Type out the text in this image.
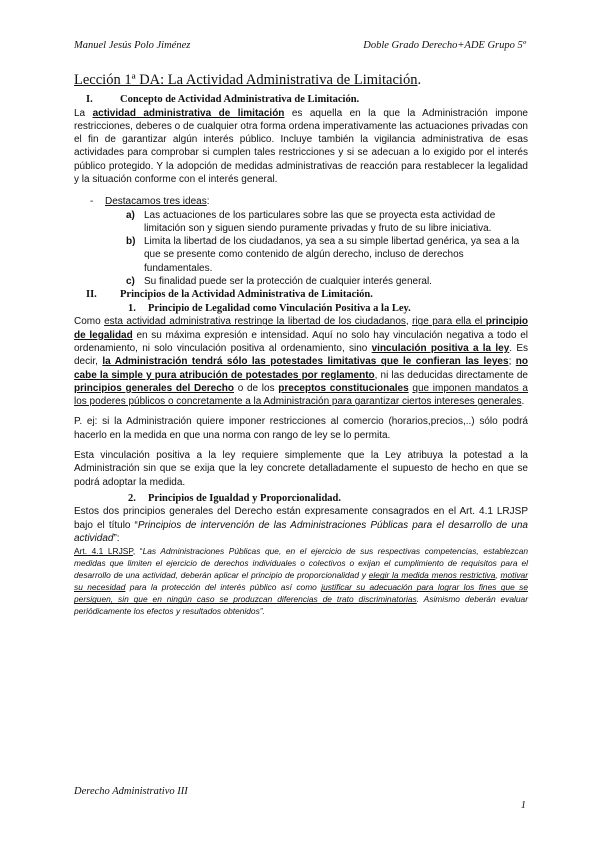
Manuel Jesús Polo Jiménez	Doble Grado Derecho+ADE Grupo 5º
Lección 1ª DA: La Actividad Administrativa de Limitación.
I.	Concepto de Actividad Administrativa de Limitación.

La actividad administrativa de limitación es aquella en la que la Administración impone restricciones, deberes o de cualquier otra forma ordena imperativamente las actuaciones privadas con el fin de garantizar algún interés público. Incluye también la vigilancia administrativa de esas actividades para comprobar si cumplen tales restricciones y si se adecuan a lo exigido por el interés público protegido. Y la adopción de medidas administrativas de reacción para restablecer la legalidad y la situación conforme con el interés general.

-	Destacamos tres ideas:
a) Las actuaciones de los particulares sobre las que se proyecta esta actividad de limitación son y siguen siendo puramente privadas y fruto de su libre iniciativa.
b) Limita la libertad de los ciudadanos, ya sea a su simple libertad genérica, ya sea a la que se presente como contenido de algún derecho, incluso de derechos fundamentales.
c) Su finalidad puede ser la protección de cualquier interés general.
II.	Principios de la Actividad Administrativa de Limitación.
1. Principio de Legalidad como Vinculación Positiva a la Ley.

Como esta actividad administrativa restringe la libertad de los ciudadanos, rige para ella el principio de legalidad en su máxima expresión e intensidad. Aquí no solo hay vinculación negativa a todo el ordenamiento, ni solo vinculación positiva al ordenamiento, sino vinculación positiva a la ley. Es decir, la Administración tendrá sólo las potestades limitativas que le confieran las leyes; no cabe la simple y pura atribución de potestades por reglamento, ni las deducidas directamente de principios generales del Derecho o de los preceptos constitucionales que imponen mandatos a los poderes públicos o concretamente a la Administración para garantizar ciertos intereses generales.

P. ej: si la Administración quiere imponer restricciones al comercio (horarios,precios,..) sólo podrá hacerlo en la medida en que una norma con rango de ley se lo permita.

Esta vinculación positiva a la ley requiere simplemente que la Ley atribuya la potestad a la Administración sin que se exija que la ley concrete detalladamente el supuesto de hecho en que se podrá adoptar la medida.

2. Principios de Igualdad y Proporcionalidad.

Estos dos principios generales del Derecho están expresamente consagrados en el Art. 4.1 LRJSP bajo el título “Principios de intervención de las Administraciones Públicas para el desarrollo de una actividad”:

Art. 4.1 LRJSP, “Las Administraciones Públicas que, en el ejercicio de sus respectivas competencias, establezcan medidas que limiten el ejercicio de derechos individuales o colectivos o exijan el cumplimiento de requisitos para el desarrollo de una actividad, deberán aplicar el principio de proporcionalidad y elegir la medida menos restrictiva, motivar su necesidad para la protección del interés público así como justificar su adecuación para lograr los fines que se persiguen, sin que en ningún caso se produzcan diferencias de trato discriminatorias. Asimismo deberán evaluar periódicamente los efectos y resultados obtenidos”.

Derecho Administrativo III
1
